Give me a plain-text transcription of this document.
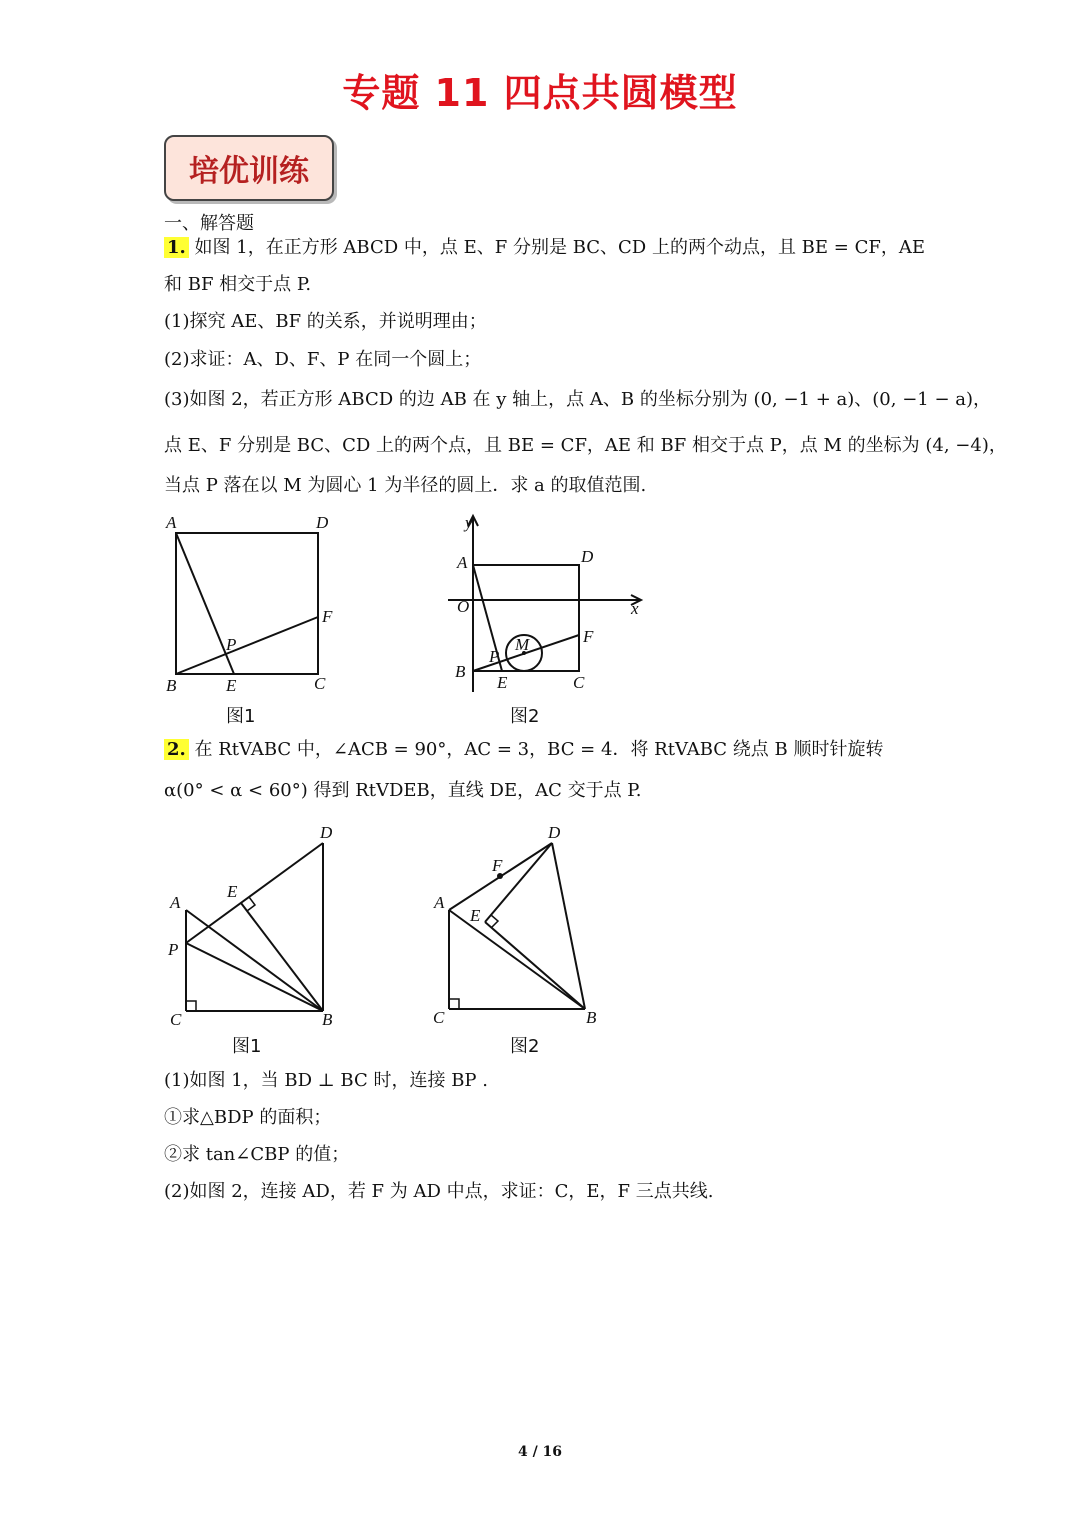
专题 11 四点共圆模型
培优训练
一、解答题
1. 如图 1，在正方形 ABCD 中，点 E、F 分别是 BC、CD 上的两个动点，且 BE = CF，AE
和 BF 相交于点 P.
(1)探究 AE、BF 的关系，并说明理由；
(2)求证：A、D、F、P 在同一个圆上；
(3)如图 2，若正方形 ABCD 的边 AB 在 y 轴上，点 A、B 的坐标分别为 (0, −1 + a)、(0, −1 − a)，
点 E、F 分别是 BC、CD 上的两个点，且 BE = CF，AE 和 BF 相交于点 P，点 M 的坐标为 (4, −4)，
当点 P 落在以 M 为圆心 1 为半径的圆上．求 a 的取值范围.
A	D
F
P
B	E	C
图1
y
x
O
A	D
F
M
P
B
E	C
图2
2. 在 RtVABC 中，∠ACB = 90°，AC = 3，BC = 4．将 RtVABC 绕点 B 顺时针旋转
α(0° < α < 60°) 得到 RtVDEB，直线 DE，AC 交于点 P.
D
E
A
P
C	B
图1
D
F
A
E
C	B
图2
(1)如图 1，当 BD ⊥ BC 时，连接 BP .
①求△BDP 的面积；
②求 tan∠CBP 的值；
(2)如图 2，连接 AD，若 F 为 AD 中点，求证：C，E，F 三点共线.
4 / 16
